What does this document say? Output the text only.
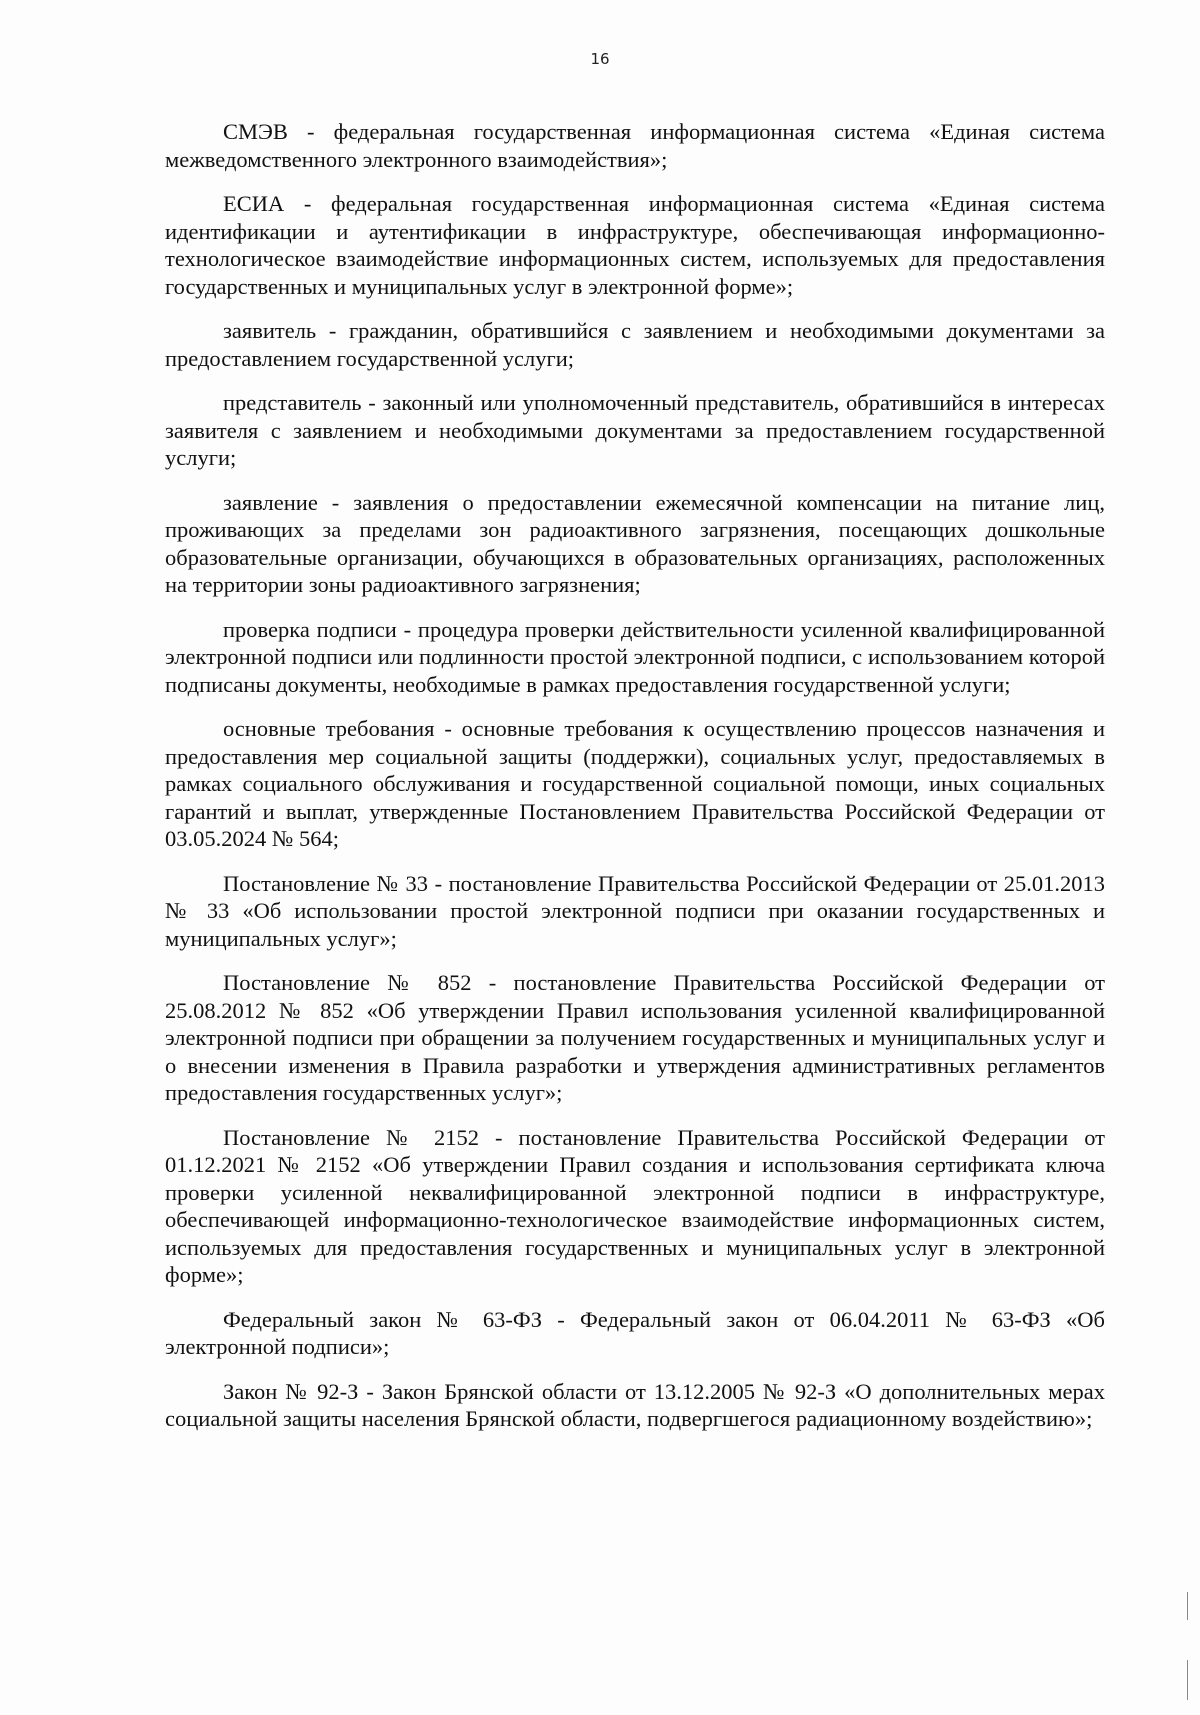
16

СМЭВ - федеральная государственная информационная система «Единая система межведомственного электронного взаимодействия»;

ЕСИА - федеральная государственная информационная система «Единая система идентификации и аутентификации в инфраструктуре, обеспечивающая информационно-технологическое взаимодействие информационных систем, используемых для предоставления государственных и муниципальных услуг в электронной форме»;

заявитель - гражданин, обратившийся с заявлением и необходимыми документами за предоставлением государственной услуги;

представитель - законный или уполномоченный представитель, обратившийся в интересах заявителя с заявлением и необходимыми документами за предоставлением государственной услуги;

заявление - заявления о предоставлении ежемесячной компенсации на питание лиц, проживающих за пределами зон радиоактивного загрязнения, посещающих дошкольные образовательные организации, обучающихся в образовательных организациях, расположенных на территории зоны радиоактивного загрязнения;

проверка подписи - процедура проверки действительности усиленной квалифицированной электронной подписи или подлинности простой электронной подписи, с использованием которой подписаны документы, необходимые в рамках предоставления государственной услуги;

основные требования - основные требования к осуществлению процессов назначения и предоставления мер социальной защиты (поддержки), социальных услуг, предоставляемых в рамках социального обслуживания и государственной социальной помощи, иных социальных гарантий и выплат, утвержденные Постановлением Правительства Российской Федерации от 03.05.2024 № 564;

Постановление № 33 - постановление Правительства Российской Федерации от 25.01.2013 № 33 «Об использовании простой электронной подписи при оказании государственных и муниципальных услуг»;

Постановление № 852 - постановление Правительства Российской Федерации от 25.08.2012 № 852 «Об утверждении Правил использования усиленной квалифицированной электронной подписи при обращении за получением государственных и муниципальных услуг и о внесении изменения в Правила разработки и утверждения административных регламентов предоставления государственных услуг»;

Постановление № 2152 - постановление Правительства Российской Федерации от 01.12.2021 № 2152 «Об утверждении Правил создания и использования сертификата ключа проверки усиленной неквалифицированной электронной подписи в инфраструктуре, обеспечивающей информационно-технологическое взаимодействие информационных систем, используемых для предоставления государственных и муниципальных услуг в электронной форме»;

Федеральный закон № 63-ФЗ - Федеральный закон от 06.04.2011 № 63-ФЗ «Об электронной подписи»;

Закон № 92-З - Закон Брянской области от 13.12.2005 № 92-З «О дополнительных мерах социальной защиты населения Брянской области, подвергшегося радиационному воздействию»;
